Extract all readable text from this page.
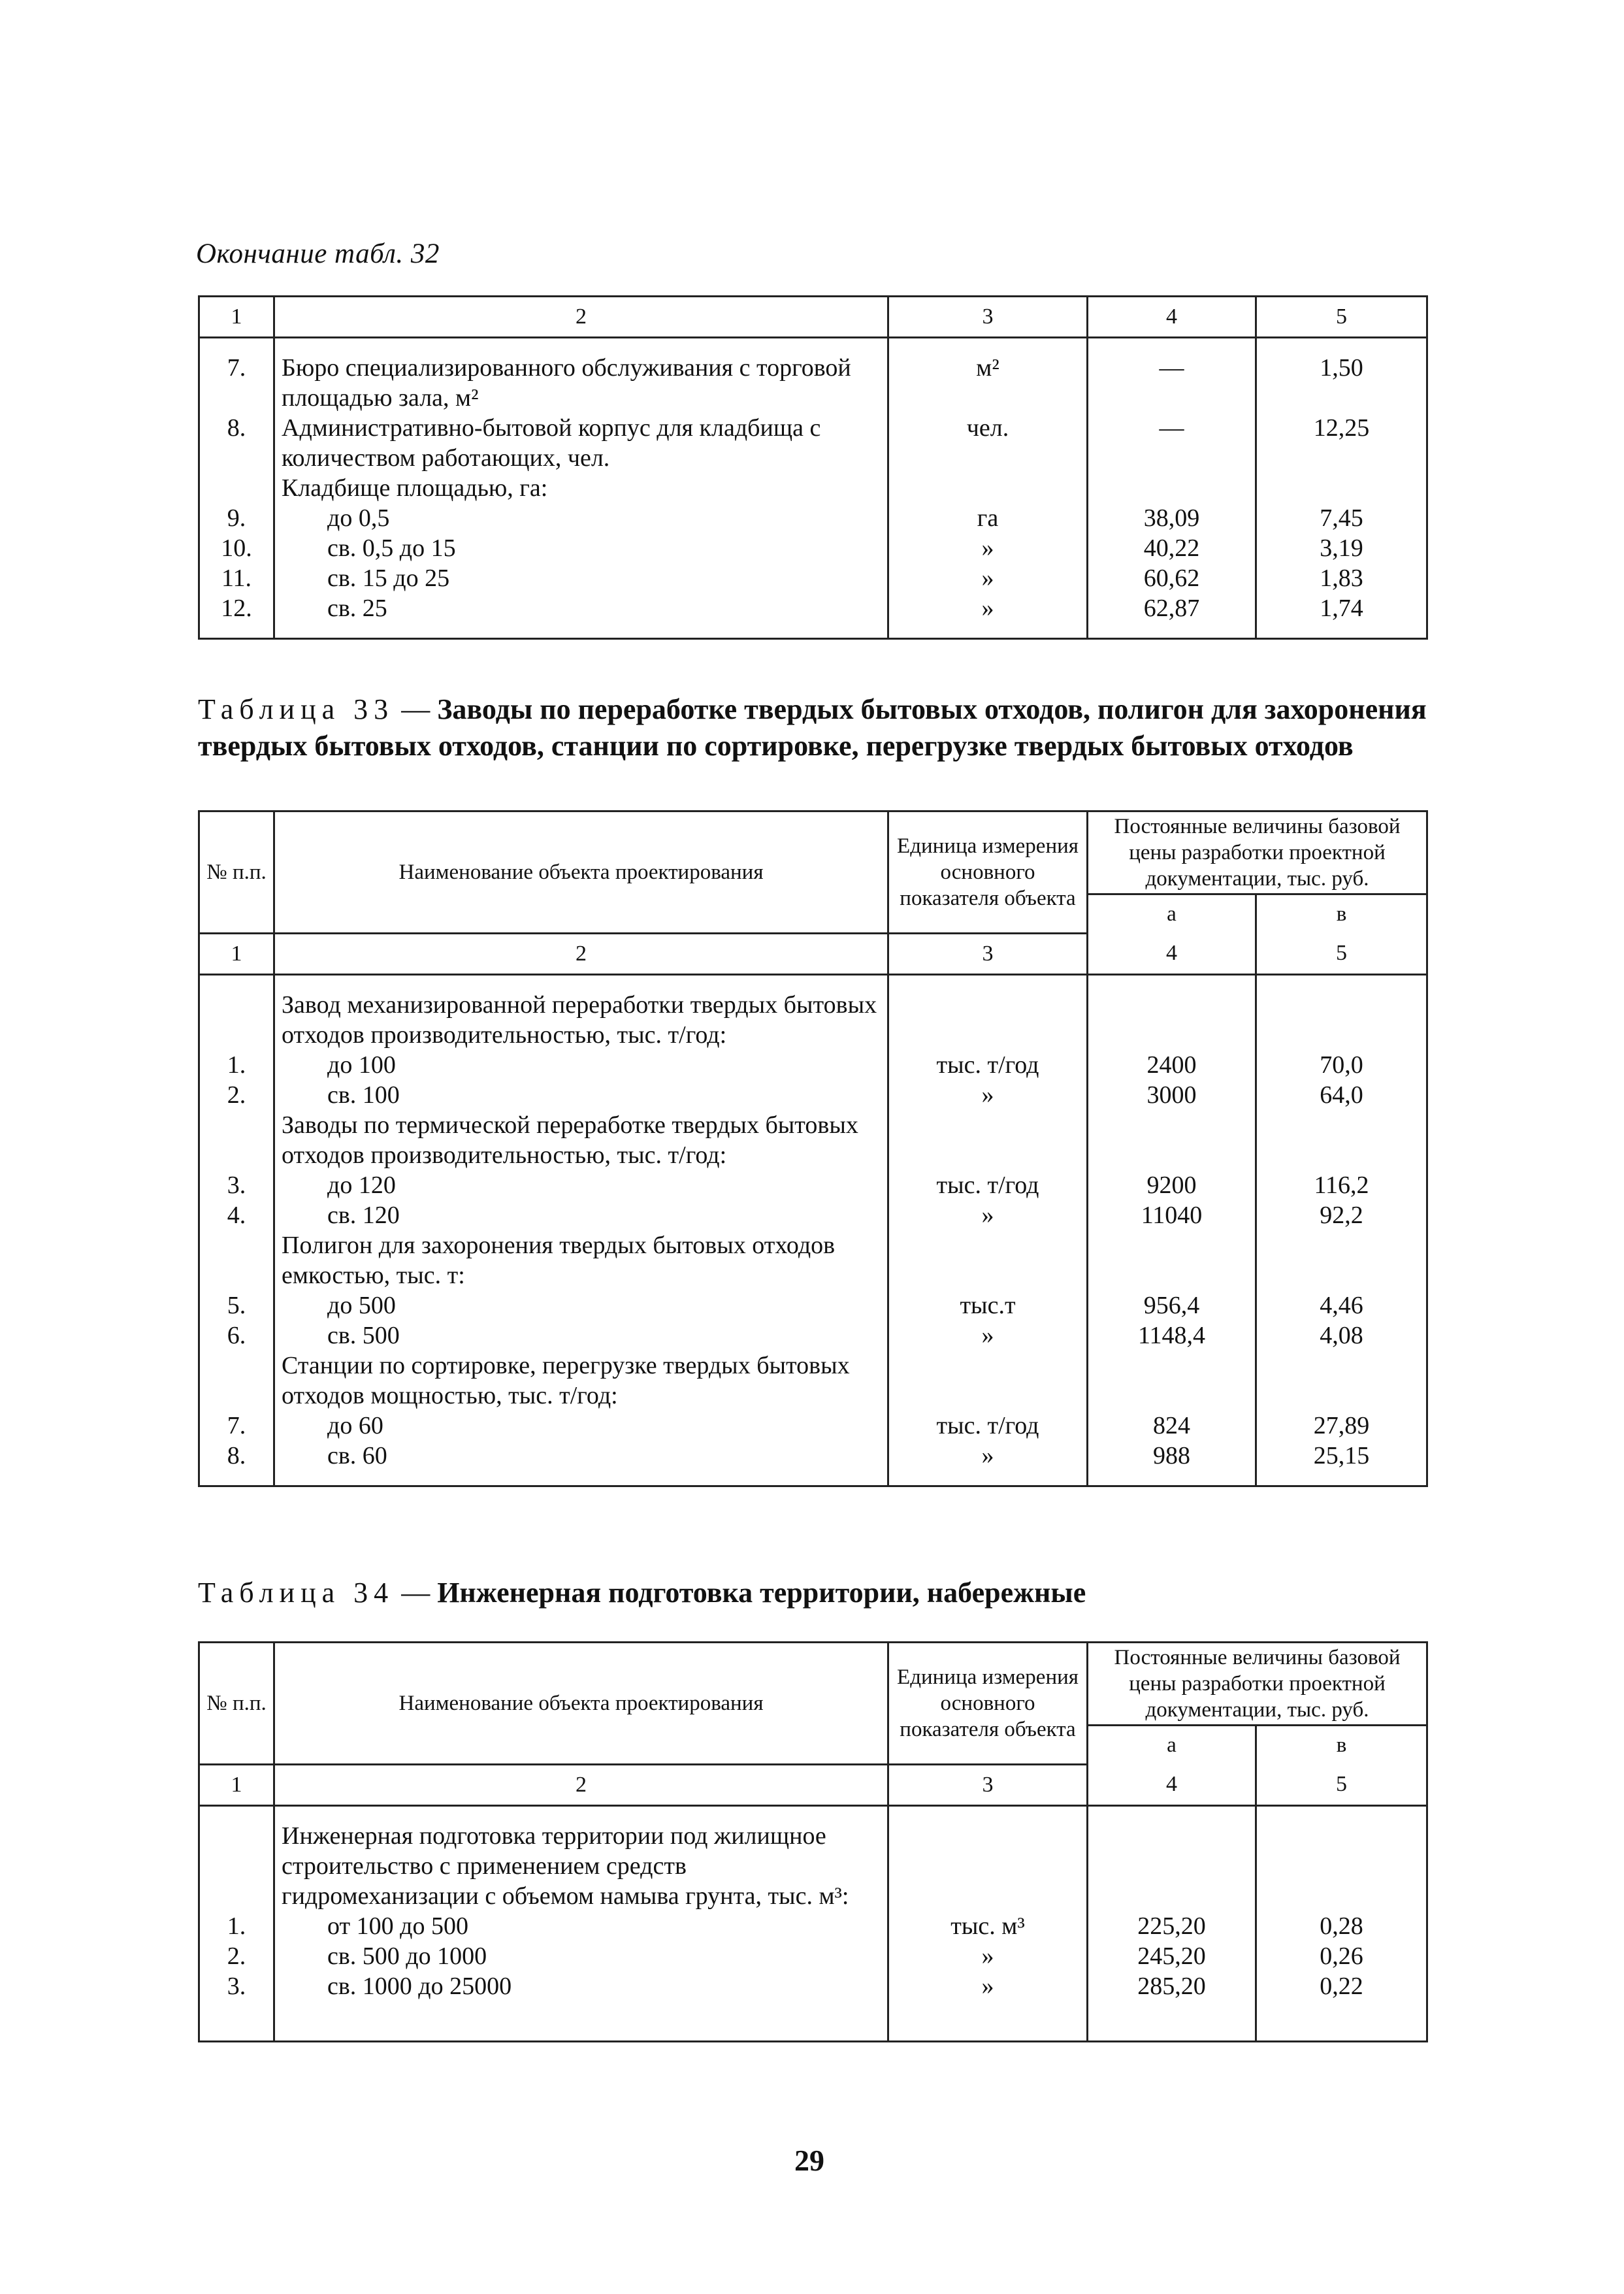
Окончание табл. 32
1	2	3	4	5

7.	Бюро специализированного обслуживания с торговой площадью зала, м²	м²	—	1,50
8.	Административно-бытовой корпус для кладбища с количеством работающих, чел.	чел.	—	12,25
	Кладбище площадью, га:			
9.	до 0,5	га	38,09	7,45
10.	св. 0,5 до 15	»	40,22	3,19
11.	св. 15 до 25	»	60,62	1,83
12.	св. 25	»	62,87	1,74

Таблица 33 — Заводы по переработке твердых бытовых отходов, полигон для захоронения твердых бытовых отходов, станции по сортировке, перегрузке твердых бытовых отходов
№ п.п.	Наименование объекта проектирования	Единица измерения основного показателя объекта	Постоянные величины базовой цены разработки проектной документации, тыс. руб.	
			а	в
1	2	3	4	5

	Завод механизированной переработки твердых бытовых отходов производительностью, тыс. т/год:			
1.	до 100	тыс. т/год	2400	70,0
2.	св. 100	»	3000	64,0
	Заводы по термической переработке твердых бытовых отходов производительностью, тыс. т/год:			
3.	до 120	тыс. т/год	9200	116,2
4.	св. 120	»	11040	92,2
	Полигон для захоронения твердых бытовых отходов емкостью, тыс. т:			
5.	до 500	тыс.т	956,4	4,46
6.	св. 500	»	1148,4	4,08
	Станции по сортировке, перегрузке твердых бытовых отходов мощностью, тыс. т/год:			
7.	до 60	тыс. т/год	824	27,89
8.	св. 60	»	988	25,15

Таблица 34 — Инженерная подготовка территории, набережные
№ п.п.	Наименование объекта проектирования	Единица измерения основного показателя объекта	Постоянные величины базовой цены разработки проектной документации, тыс. руб.	
			а	в
1	2	3	4	5

	Инженерная подготовка территории под жилищное строительство с применением средств гидромеханизации с объемом намыва грунта, тыс. м³:			
1.	от 100 до 500	тыс. м³	225,20	0,28
2.	св. 500 до 1000	»	245,20	0,26
3.	св. 1000 до 25000	»	285,20	0,22

29
